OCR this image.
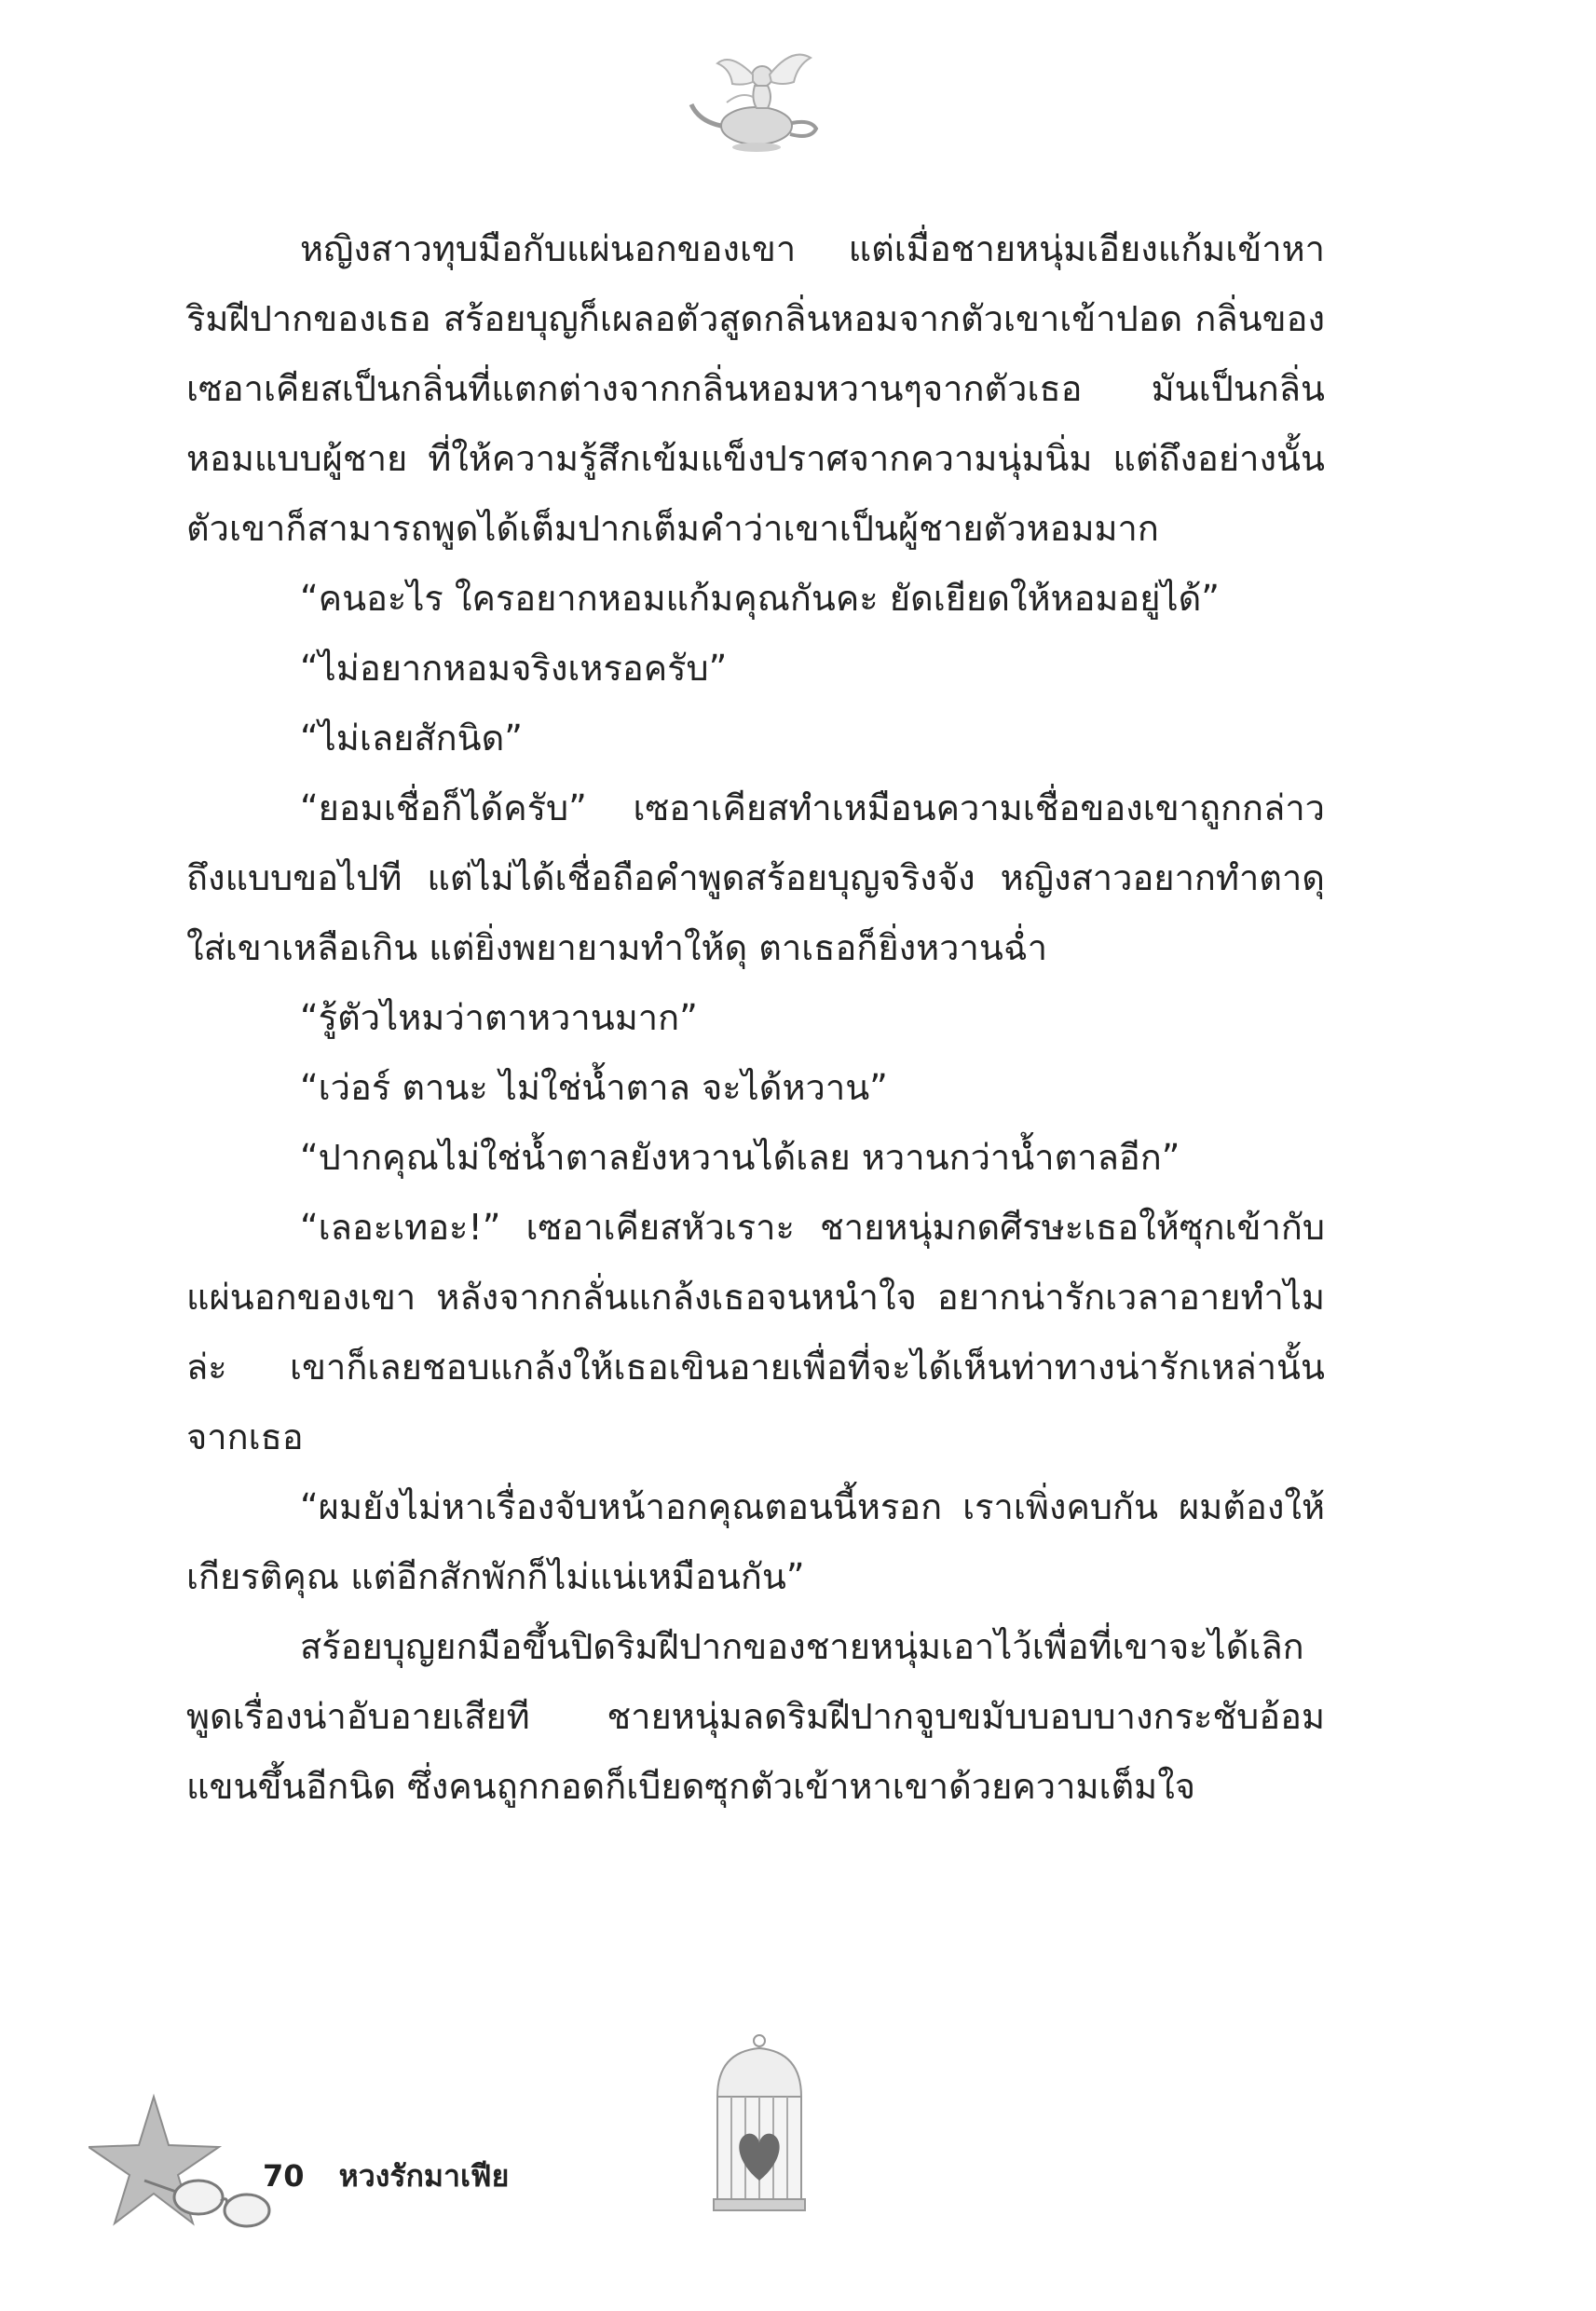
หญิงสาวทุบมือกับแผ่นอกของเขา แต่เมื่อชายหนุ่มเอียงแก้มเข้าหาริมฝีปากของเธอ สร้อยบุญก็เผลอตัวสูดกลิ่นหอมจากตัวเขาเข้าปอด กลิ่นของเซอาเคียสเป็นกลิ่นที่แตกต่างจากกลิ่นหอมหวานๆจากตัวเธอ มันเป็นกลิ่นหอมแบบผู้ชาย ที่ให้ความรู้สึกเข้มแข็งปราศจากความนุ่มนิ่ม แต่ถึงอย่างนั้นตัวเขาก็สามารถพูดได้เต็มปากเต็มคำว่าเขาเป็นผู้ชายตัวหอมมาก

“คนอะไร ใครอยากหอมแก้มคุณกันคะ ยัดเยียดให้หอมอยู่ได้”

“ไม่อยากหอมจริงเหรอครับ”

“ไม่เลยสักนิด”

“ยอมเชื่อก็ได้ครับ” เซอาเคียสทำเหมือนความเชื่อของเขาถูกกล่าวถึงแบบขอไปที แต่ไม่ได้เชื่อถือคำพูดสร้อยบุญจริงจัง หญิงสาวอยากทำตาดุใส่เขาเหลือเกิน แต่ยิ่งพยายามทำให้ดุ ตาเธอก็ยิ่งหวานฉ่ำ

“รู้ตัวไหมว่าตาหวานมาก”

“เว่อร์ ตานะ ไม่ใช่น้ำตาล จะได้หวาน”

“ปากคุณไม่ใช่น้ำตาลยังหวานได้เลย หวานกว่าน้ำตาลอีก”

“เลอะเทอะ!” เซอาเคียสหัวเราะ ชายหนุ่มกดศีรษะเธอให้ซุกเข้ากับแผ่นอกของเขา หลังจากกลั่นแกล้งเธอจนหนำใจ อยากน่ารักเวลาอายทำไมล่ะ เขาก็เลยชอบแกล้งให้เธอเขินอายเพื่อที่จะได้เห็นท่าทางน่ารักเหล่านั้นจากเธอ

“ผมยังไม่หาเรื่องจับหน้าอกคุณตอนนี้หรอก เราเพิ่งคบกัน ผมต้องให้เกียรติคุณ แต่อีกสักพักก็ไม่แน่เหมือนกัน”

สร้อยบุญยกมือขึ้นปิดริมฝีปากของชายหนุ่มเอาไว้เพื่อที่เขาจะได้เลิกพูดเรื่องน่าอับอายเสียที ชายหนุ่มลดริมฝีปากจูบขมับบอบบางกระชับอ้อมแขนขึ้นอีกนิด ซึ่งคนถูกกอดก็เบียดซุกตัวเข้าหาเขาด้วยความเต็มใจ

70 หวงรักมาเฟีย
